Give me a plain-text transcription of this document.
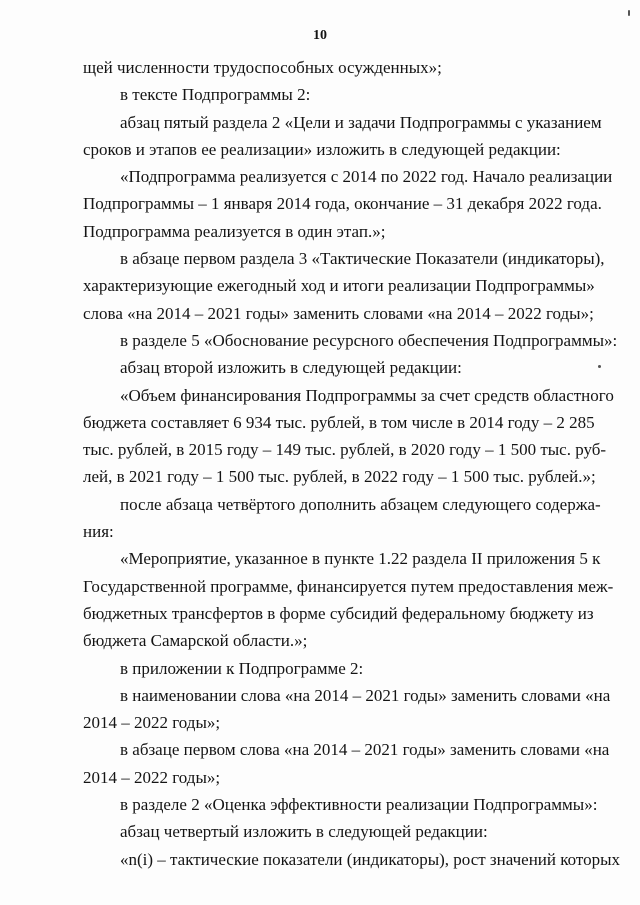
10
щей численности трудоспособных осужденных»;
в тексте Подпрограммы 2:
абзац пятый раздела 2 «Цели и задачи Подпрограммы с указанием
сроков и этапов ее реализации» изложить в следующей редакции:
«Подпрограмма реализуется с 2014 по 2022 год. Начало реализации
Подпрограммы – 1 января 2014 года, окончание – 31 декабря 2022 года.
Подпрограмма реализуется в один этап.»;
в абзаце первом раздела 3 «Тактические Показатели (индикаторы),
характеризующие ежегодный ход и итоги реализации Подпрограммы»
слова «на 2014 – 2021 годы» заменить словами «на 2014 – 2022 годы»;
в разделе 5 «Обоснование ресурсного обеспечения Подпрограммы»:
абзац второй изложить в следующей редакции:
«Объем финансирования Подпрограммы за счет средств областного
бюджета составляет 6 934 тыс. рублей, в том числе в 2014 году – 2 285
тыс. рублей, в 2015 году – 149 тыс. рублей, в 2020 году – 1 500 тыс. руб-
лей, в 2021 году – 1 500 тыс. рублей, в 2022 году – 1 500 тыс. рублей.»;
после абзаца четвёртого дополнить абзацем следующего содержа-
ния:
«Мероприятие, указанное в пункте 1.22 раздела II приложения 5 к
Государственной программе, финансируется путем предоставления меж-
бюджетных трансфертов в форме субсидий федеральному бюджету из
бюджета Самарской области.»;
в приложении к Подпрограмме 2:
в наименовании слова «на 2014 – 2021 годы» заменить словами «на
2014 – 2022 годы»;
в абзаце первом слова «на 2014 – 2021 годы» заменить словами «на
2014 – 2022 годы»;
в разделе 2 «Оценка эффективности реализации Подпрограммы»:
абзац четвертый изложить в следующей редакции:
«n(i) – тактические показатели (индикаторы), рост значений которых
